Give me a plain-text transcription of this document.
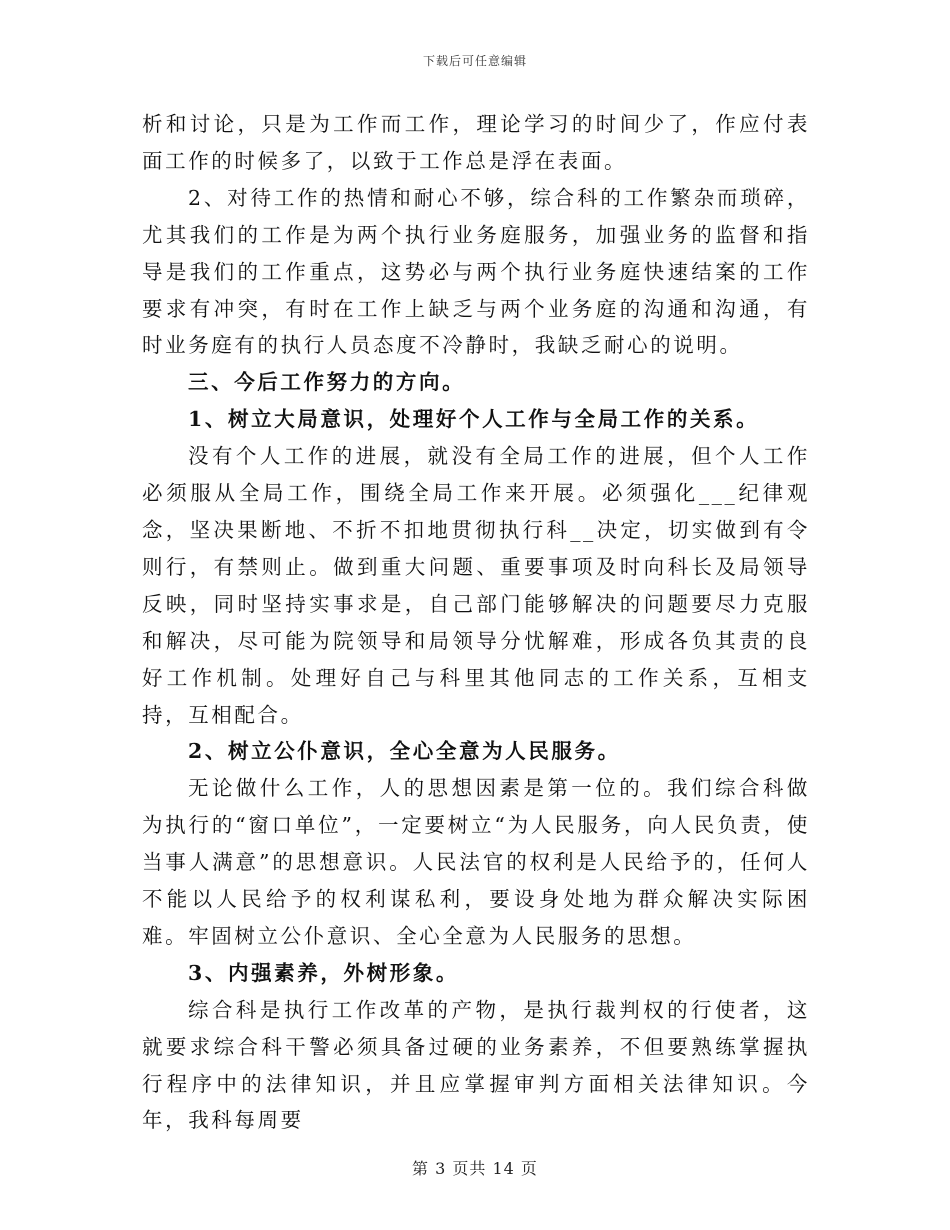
下载后可任意编辑

析和讨论，只是为工作而工作，理论学习的时间少了，作应付表面工作的时候多了，以致于工作总是浮在表面。

2、对待工作的热情和耐心不够，综合科的工作繁杂而琐碎，尤其我们的工作是为两个执行业务庭服务，加强业务的监督和指导是我们的工作重点，这势必与两个执行业务庭快速结案的工作要求有冲突，有时在工作上缺乏与两个业务庭的沟通和沟通，有时业务庭有的执行人员态度不冷静时，我缺乏耐心的说明。

三、今后工作努力的方向。

1、树立大局意识，处理好个人工作与全局工作的关系。

没有个人工作的进展，就没有全局工作的进展，但个人工作必须服从全局工作，围绕全局工作来开展。必须强化___纪律观念，坚决果断地、不折不扣地贯彻执行科__决定，切实做到有令则行，有禁则止。做到重大问题、重要事项及时向科长及局领导反映，同时坚持实事求是，自己部门能够解决的问题要尽力克服和解决，尽可能为院领导和局领导分忧解难，形成各负其责的良好工作机制。处理好自己与科里其他同志的工作关系，互相支持，互相配合。

2、树立公仆意识，全心全意为人民服务。

无论做什么工作，人的思想因素是第一位的。我们综合科做为执行的“窗口单位”，一定要树立“为人民服务，向人民负责，使当事人满意”的思想意识。人民法官的权利是人民给予的，任何人不能以人民给予的权利谋私利，要设身处地为群众解决实际困难。牢固树立公仆意识、全心全意为人民服务的思想。

3、内强素养，外树形象。

综合科是执行工作改革的产物，是执行裁判权的行使者，这就要求综合科干警必须具备过硬的业务素养，不但要熟练掌握执行程序中的法律知识，并且应掌握审判方面相关法律知识。今年，我科每周要

第 3 页共 14 页
